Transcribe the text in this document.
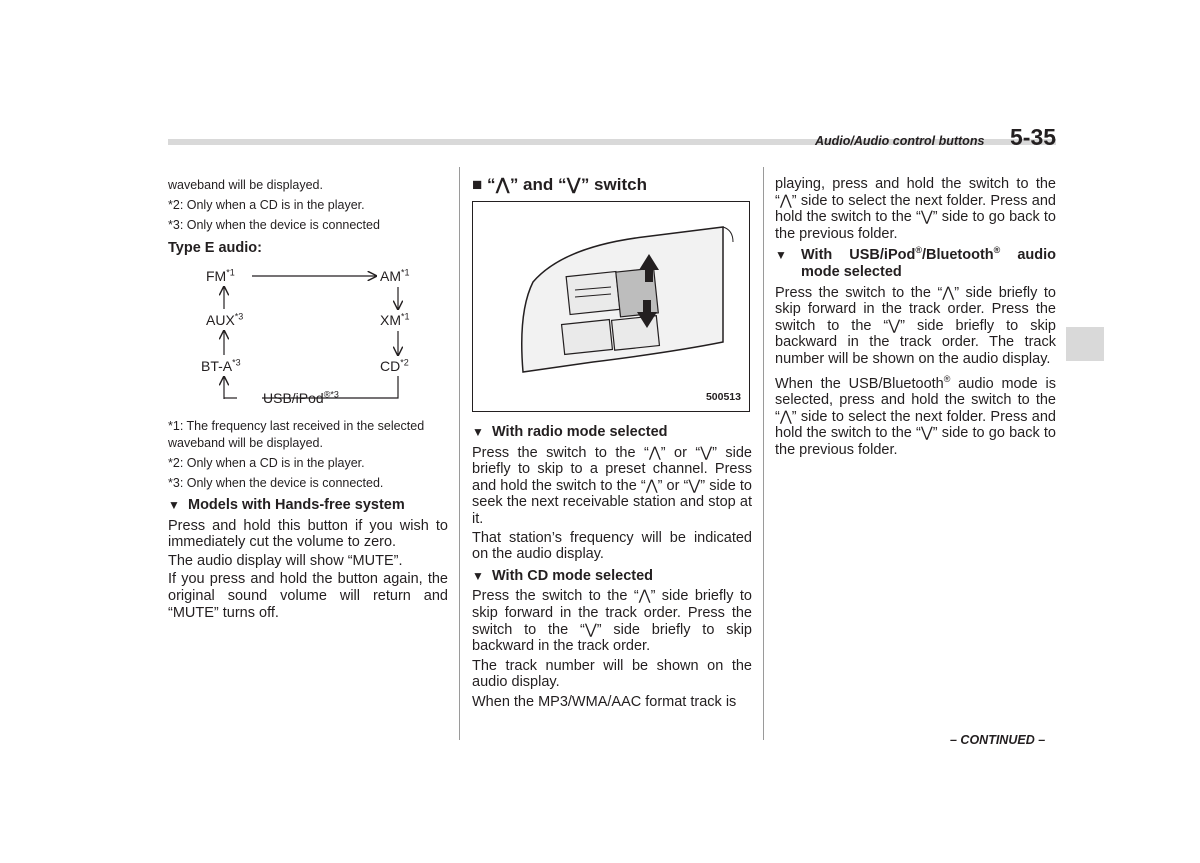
Audio/Audio control buttons 5-35

waveband will be displayed.

*2: Only when a CD is in the player.

*3: Only when the device is connected

Type E audio:

FM$^{*1}$	AM$^{*1}$
AUX$^{*3}$	XM$^{*1}$
$BT-A^{*3}$	CD$^{*2}$
USB/iPod$^{®*3}$

*1: The frequency last received in the selected waveband will be displayed.

*2: Only when a CD is in the player.

*3: Only when the device is connected.

▼ Models with Hands-free system

Press and hold this button if you wish to immediately cut the volume to zero.

The audio display will show “MUTE”.

If you press and hold the button again, the original sound volume will return and “MUTE” turns off.

■ “⋀” and “⋁” switch
500513

▼ With radio mode selected

Press the switch to the “⋀” or “⋁” side briefly to skip to a preset channel. Press and hold the switch to the “⋀” or “⋁” side to seek the next receivable station and stop at it.

That station’s frequency will be indicated on the audio display.

▼ With CD mode selected

Press the switch to the “⋀” side briefly to skip forward in the track order. Press the switch to the “⋁” side briefly to skip backward in the track order.

The track number will be shown on the audio display.

When the MP3/WMA/AAC format track is

playing, press and hold the switch to the “⋀” side to select the next folder. Press and hold the switch to the “⋁” side to go back to the previous folder.

▼ With USB/iPod®/Bluetooth® audio mode selected

Press the switch to the “⋀” side briefly to skip forward in the track order. Press the switch to the “⋁” side briefly to skip backward in the track order. The track number will be shown on the audio display.

When the USB/Bluetooth® audio mode is selected, press and hold the switch to the “⋀” side to select the next folder. Press and hold the switch to the “⋁” side to go back to the previous folder.

– CONTINUED –
